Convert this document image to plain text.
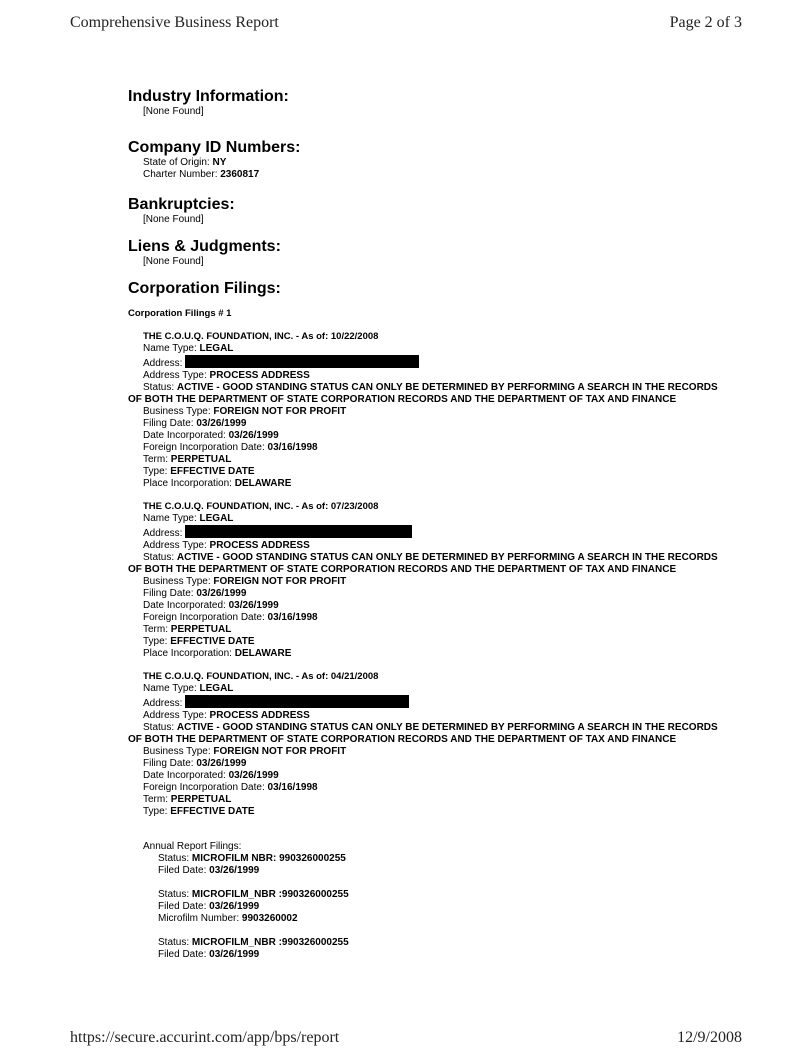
Comprehensive Business Report	Page 2 of 3
Industry Information:
[None Found]
Company ID Numbers:
State of Origin: NY
Charter Number: 2360817
Bankruptcies:
[None Found]
Liens & Judgments:
[None Found]
Corporation Filings:
Corporation Filings # 1
THE C.O.U.Q. FOUNDATION, INC. - As of: 10/22/2008
Name Type: LEGAL
Address:
Address Type: PROCESS ADDRESS
Status: ACTIVE - GOOD STANDING STATUS CAN ONLY BE DETERMINED BY PERFORMING A SEARCH IN THE RECORDS OF BOTH THE DEPARTMENT OF STATE CORPORATION RECORDS AND THE DEPARTMENT OF TAX AND FINANCE
Business Type: FOREIGN NOT FOR PROFIT
Filing Date: 03/26/1999
Date Incorporated: 03/26/1999
Foreign Incorporation Date: 03/16/1998
Term: PERPETUAL
Type: EFFECTIVE DATE
Place Incorporation: DELAWARE
THE C.O.U.Q. FOUNDATION, INC. - As of: 07/23/2008
Name Type: LEGAL
Address:
Address Type: PROCESS ADDRESS
Status: ACTIVE - GOOD STANDING STATUS CAN ONLY BE DETERMINED BY PERFORMING A SEARCH IN THE RECORDS OF BOTH THE DEPARTMENT OF STATE CORPORATION RECORDS AND THE DEPARTMENT OF TAX AND FINANCE
Business Type: FOREIGN NOT FOR PROFIT
Filing Date: 03/26/1999
Date Incorporated: 03/26/1999
Foreign Incorporation Date: 03/16/1998
Term: PERPETUAL
Type: EFFECTIVE DATE
Place Incorporation: DELAWARE
THE C.O.U.Q. FOUNDATION, INC. - As of: 04/21/2008
Name Type: LEGAL
Address:
Address Type: PROCESS ADDRESS
Status: ACTIVE - GOOD STANDING STATUS CAN ONLY BE DETERMINED BY PERFORMING A SEARCH IN THE RECORDS OF BOTH THE DEPARTMENT OF STATE CORPORATION RECORDS AND THE DEPARTMENT OF TAX AND FINANCE
Business Type: FOREIGN NOT FOR PROFIT
Filing Date: 03/26/1999
Date Incorporated: 03/26/1999
Foreign Incorporation Date: 03/16/1998
Term: PERPETUAL
Type: EFFECTIVE DATE
Annual Report Filings:
Status: MICROFILM NBR: 990326000255
Filed Date: 03/26/1999
Status: MICROFILM_NBR :990326000255
Filed Date: 03/26/1999
Microfilm Number: 9903260002
Status: MICROFILM_NBR :990326000255
Filed Date: 03/26/1999
https://secure.accurint.com/app/bps/report	12/9/2008
